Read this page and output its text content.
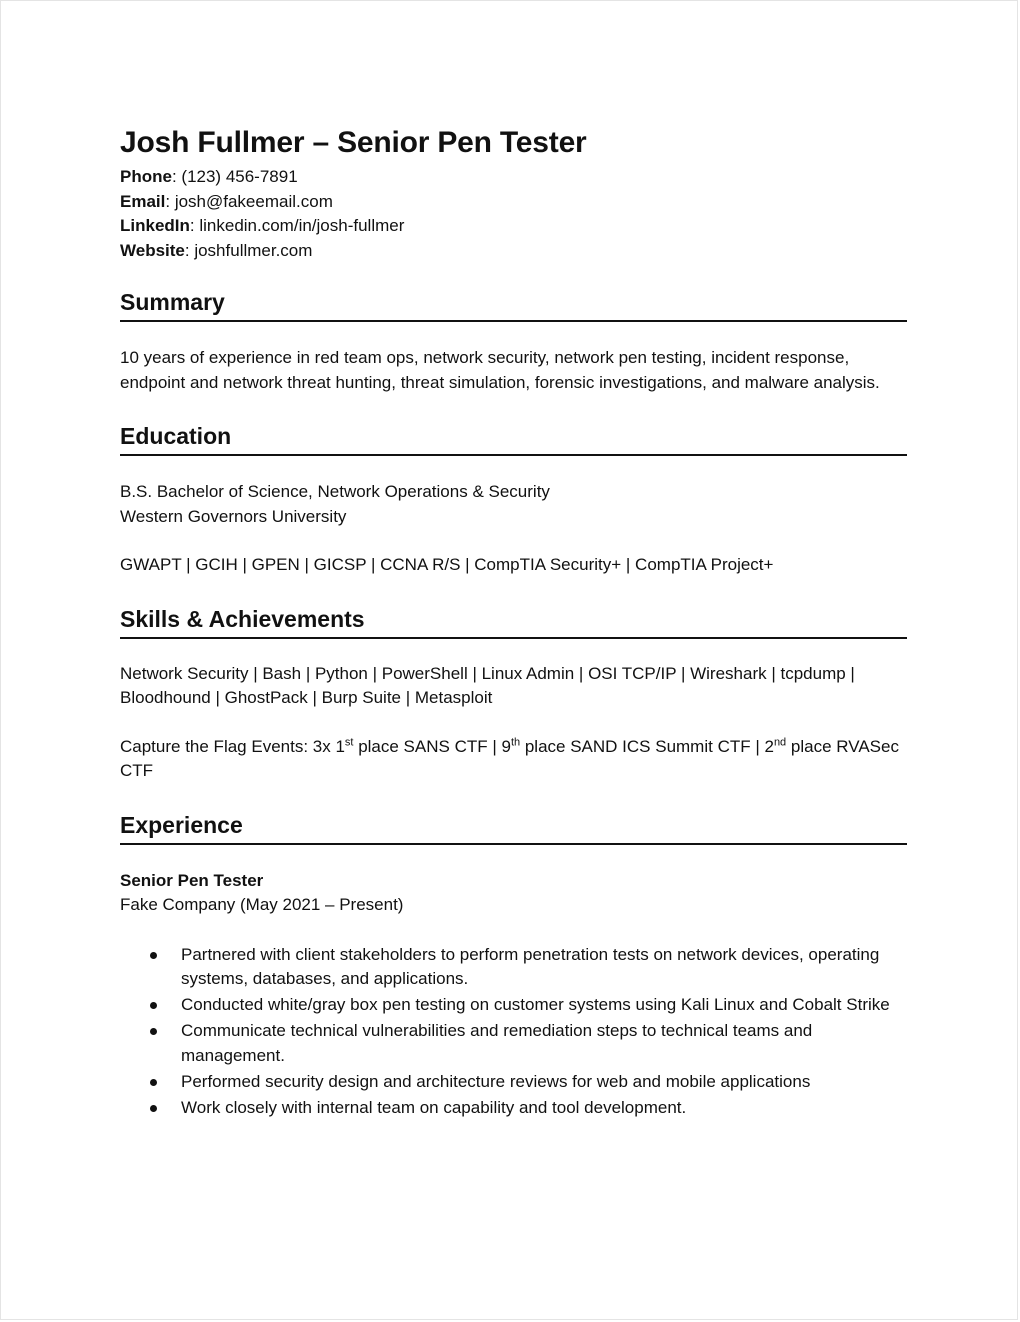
Josh Fullmer – Senior Pen Tester
Phone: (123) 456-7891
Email: josh@fakeemail.com
LinkedIn: linkedin.com/in/josh-fullmer
Website: joshfullmer.com
Summary
10 years of experience in red team ops, network security, network pen testing, incident response, endpoint and network threat hunting, threat simulation, forensic investigations, and malware analysis.
Education
B.S. Bachelor of Science, Network Operations & Security
Western Governors University
GWAPT | GCIH | GPEN | GICSP | CCNA R/S | CompTIA Security+ | CompTIA Project+
Skills & Achievements
Network Security | Bash | Python | PowerShell | Linux Admin | OSI TCP/IP | Wireshark | tcpdump | Bloodhound | GhostPack | Burp Suite | Metasploit
Capture the Flag Events: 3x 1st place SANS CTF | 9th place SAND ICS Summit CTF | 2nd place RVASec CTF
Experience
Senior Pen Tester
Fake Company (May 2021 – Present)
Partnered with client stakeholders to perform penetration tests on network devices, operating systems, databases, and applications.
Conducted white/gray box pen testing on customer systems using Kali Linux and Cobalt Strike
Communicate technical vulnerabilities and remediation steps to technical teams and management.
Performed security design and architecture reviews for web and mobile applications
Work closely with internal team on capability and tool development.
